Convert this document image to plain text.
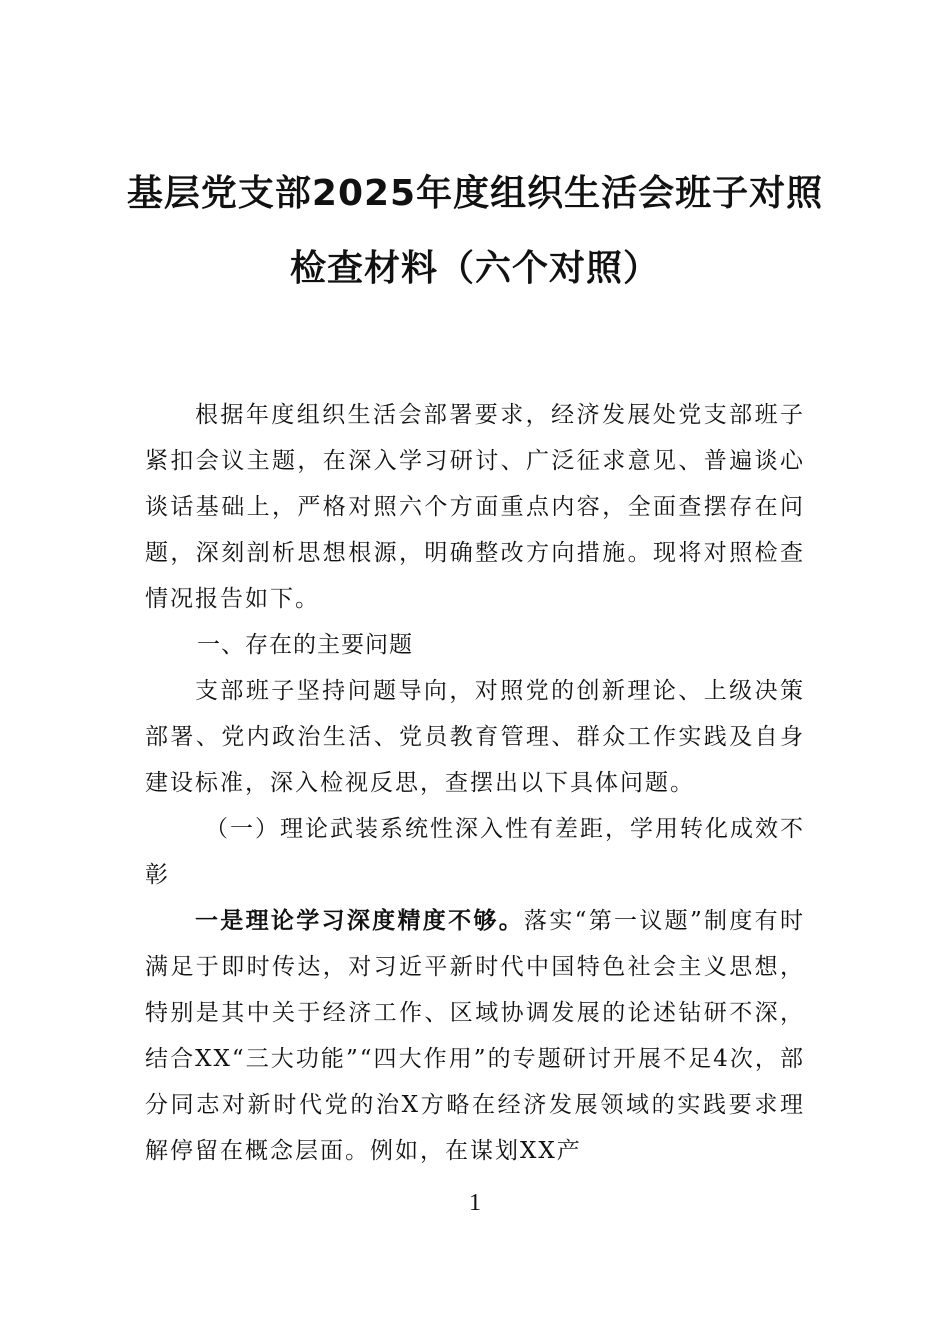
基层党支部2025年度组织生活会班子对照
检查材料（六个对照）
根据年度组织生活会部署要求，经济发展处党支部班子紧扣会议主题，在深入学习研讨、广泛征求意见、普遍谈心谈话基础上，严格对照六个方面重点内容，全面查摆存在问题，深刻剖析思想根源，明确整改方向措施。现将对照检查情况报告如下。
一、存在的主要问题
支部班子坚持问题导向，对照党的创新理论、上级决策部署、党内政治生活、党员教育管理、群众工作实践及自身建设标准，深入检视反思，查摆出以下具体问题。
（一）理论武装系统性深入性有差距，学用转化成效不彰
一是理论学习深度精度不够。落实“第一议题”制度有时满足于即时传达，对习近平新时代中国特色社会主义思想，特别是其中关于经济工作、区域协调发展的论述钻研不深，结合XX“三大功能”“四大作用”的专题研讨开展不足4次，部分同志对新时代党的治X方略在经济发展领域的实践要求理解停留在概念层面。例如，在谋划XX产
1
